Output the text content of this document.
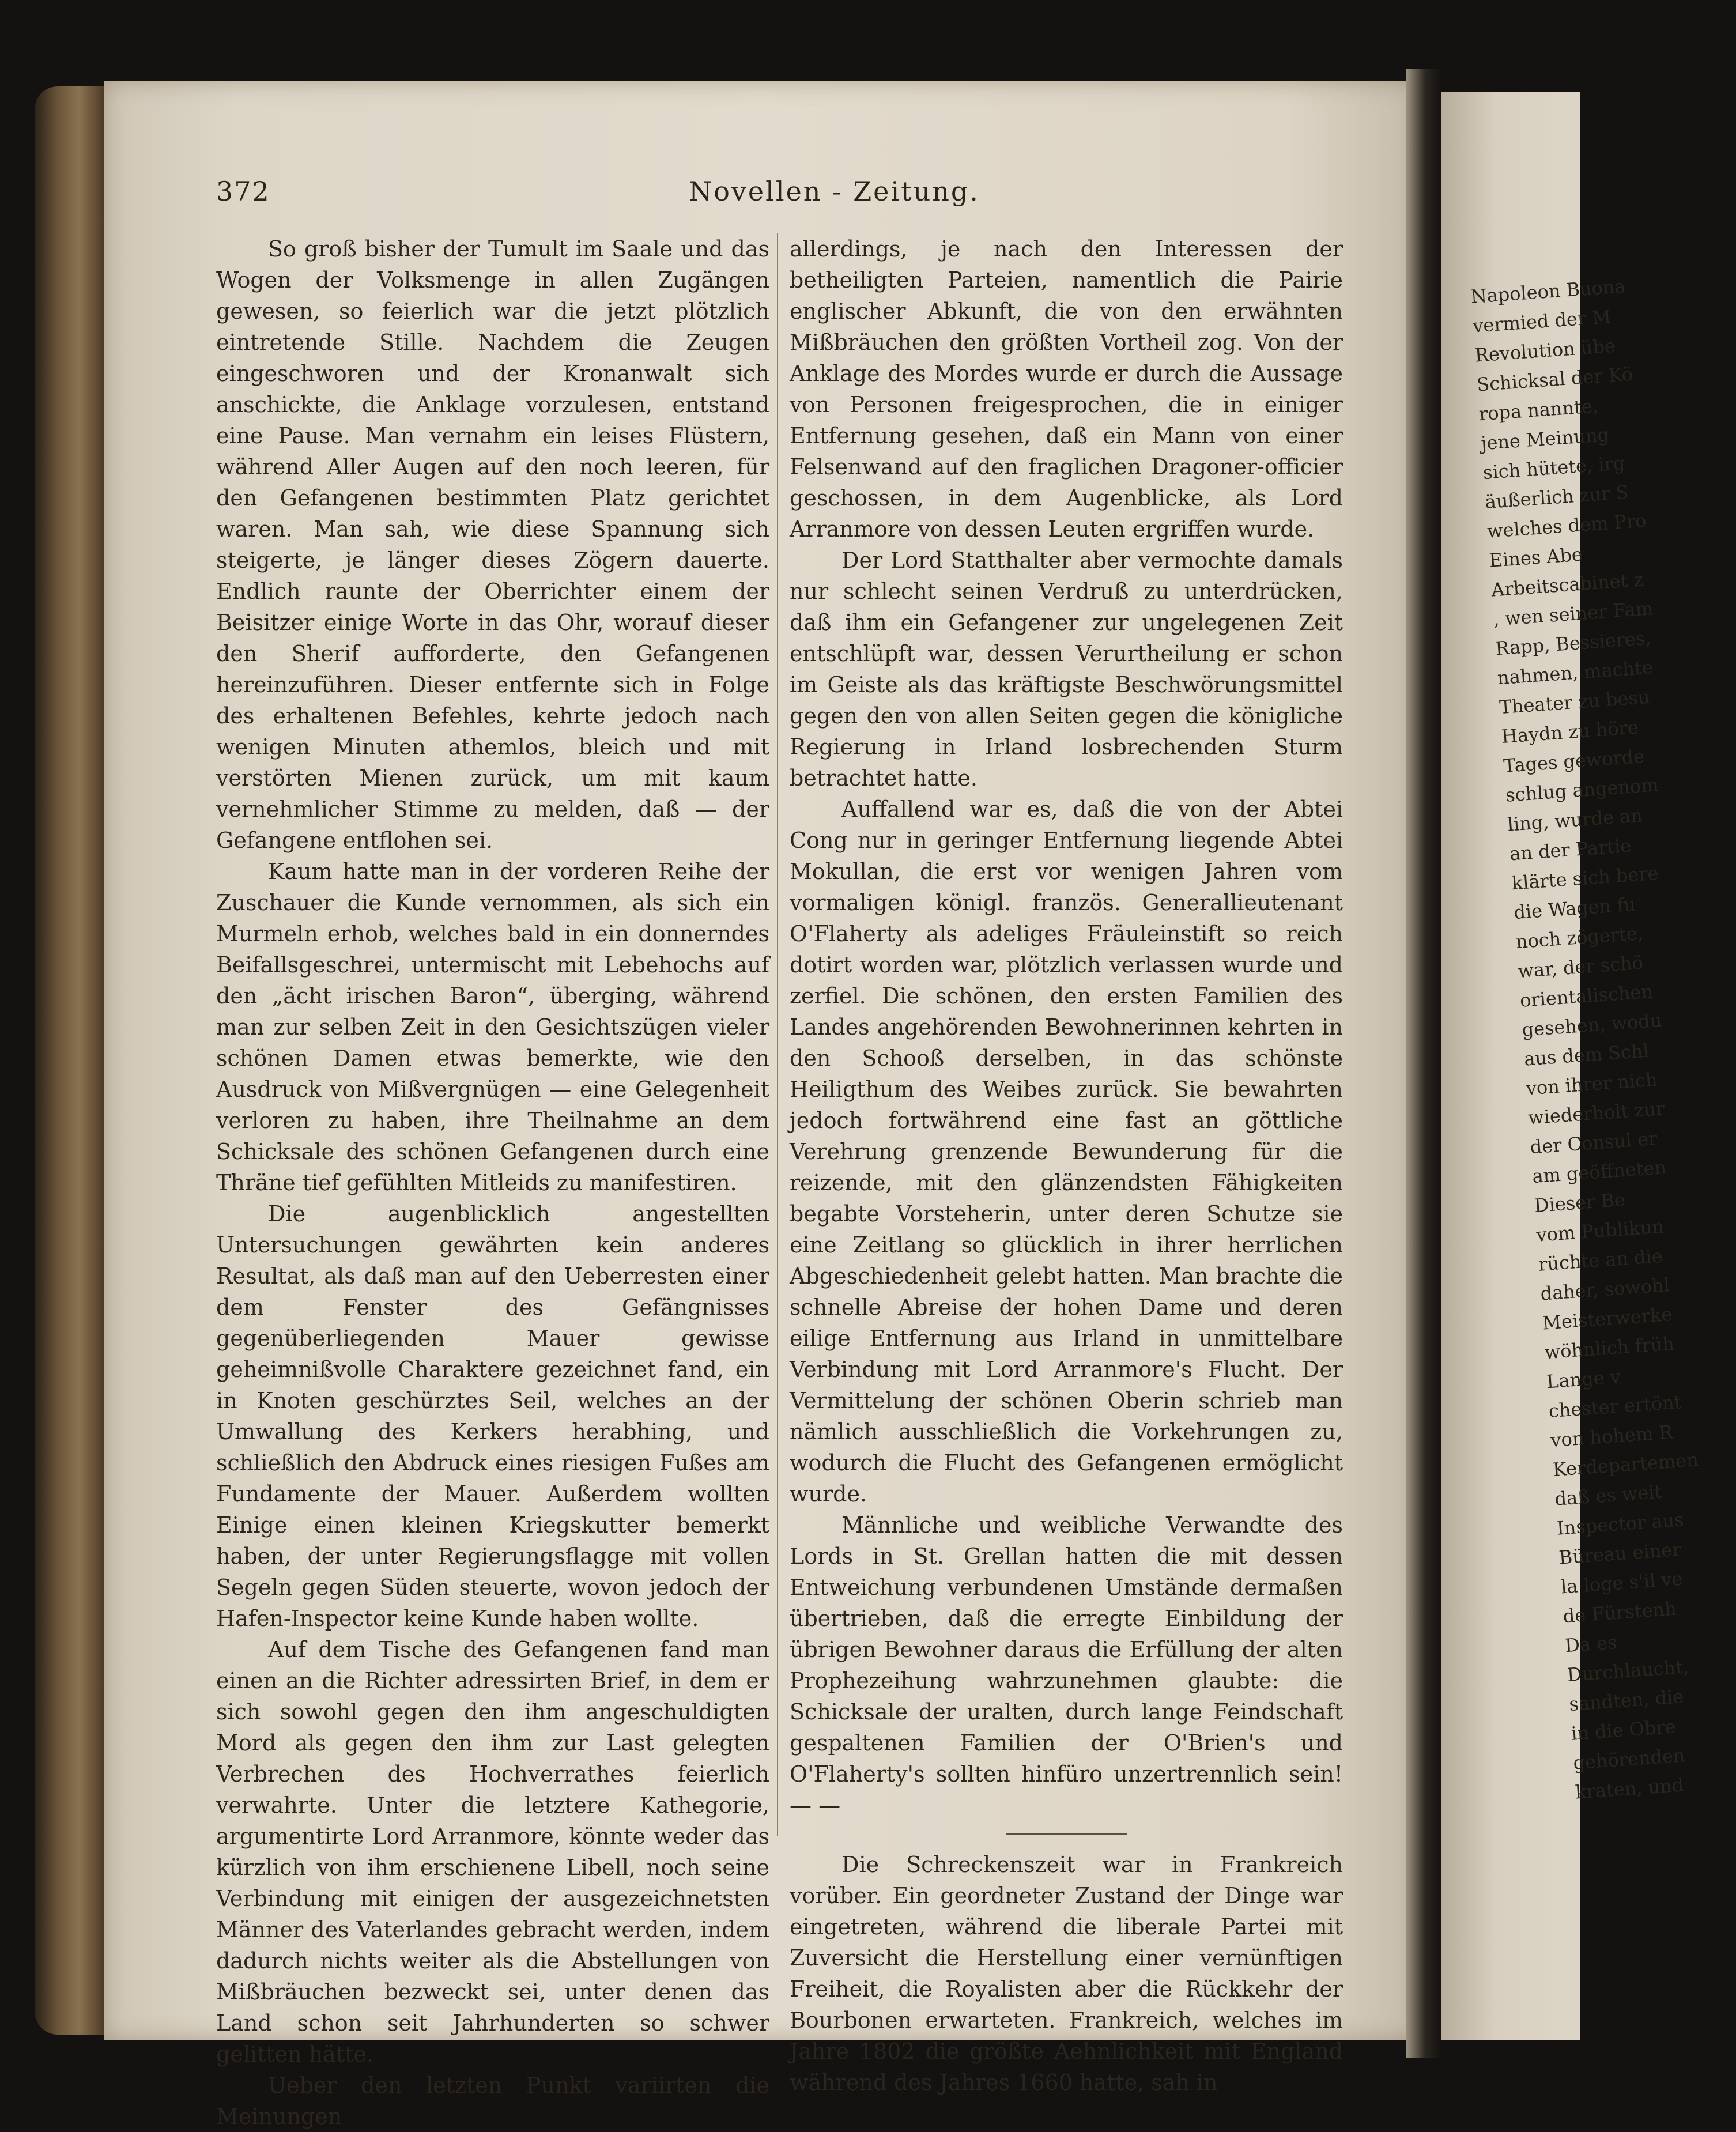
Napoleon Buona
vermied der M
Revolution übe
Schicksal der Kö
ropa nannte,
jene Meinung
sich hütete, irg
äußerlich zur S
welches dem Pro
Eines Abe
Arbeitscabinet z
, wen seiner Fam
Rapp, Bessieres,
nahmen, machte
Theater zu besu
Haydn zu höre
Tages geworde
schlug angenom
ling, wurde an
an der Partie
klärte sich bere
die Wagen fu
noch zögerte,
war, der schö
orientalischen
gesehen, wodu
aus dem Schl
von ihrer nich
wiederholt zur
der Consul er
am geöffneten
Dieser Be
vom Publikun
rüchte an die
daher, sowohl
Meisterwerke
wöhnlich früh
Lange v
chester ertönt
von hohem R
Kerdepartemen
daß es weit
Inspector aus
Büreau einer
la loge s'il ve
de Fürstenh
Da es
Durchlaucht,
sandten, die
in die Obre
gehörenden
kraten, und
372	Novellen - Zeitung.

So groß bisher der Tumult im Saale und das Wogen der Volksmenge in allen Zugängen gewesen, so feierlich war die jetzt plötzlich eintretende Stille. Nachdem die Zeugen eingeschworen und der Kronanwalt sich anschickte, die Anklage vorzulesen, entstand eine Pause. Man vernahm ein leises Flüstern, während Aller Augen auf den noch leeren, für den Gefangenen bestimmten Platz gerichtet waren. Man sah, wie diese Spannung sich steigerte, je länger dieses Zögern dauerte. Endlich raunte der Oberrichter einem der Beisitzer einige Worte in das Ohr, worauf dieser den Sherif aufforderte, den Gefangenen hereinzuführen. Dieser entfernte sich in Folge des erhaltenen Befehles, kehrte jedoch nach wenigen Minuten athemlos, bleich und mit verstörten Mienen zurück, um mit kaum vernehmlicher Stimme zu melden, daß — der Gefangene entflohen sei.

Kaum hatte man in der vorderen Reihe der Zuschauer die Kunde vernommen, als sich ein Murmeln erhob, welches bald in ein donnerndes Beifallsgeschrei, untermischt mit Lebehochs auf den „ächt irischen Baron“, überging, während man zur selben Zeit in den Gesichtszügen vieler schönen Damen etwas bemerkte, wie den Ausdruck von Mißvergnügen — eine Gelegenheit verloren zu haben, ihre Theilnahme an dem Schicksale des schönen Gefangenen durch eine Thräne tief gefühlten Mitleids zu manifestiren.

Die augenblicklich angestellten Untersuchungen gewährten kein anderes Resultat, als daß man auf den Ueberresten einer dem Fenster des Gefängnisses gegenüberliegenden Mauer gewisse geheimnißvolle Charaktere gezeichnet fand, ein in Knoten geschürztes Seil, welches an der Umwallung des Kerkers herabhing, und schließlich den Abdruck eines riesigen Fußes am Fundamente der Mauer. Außerdem wollten Einige einen kleinen Kriegskutter bemerkt haben, der unter Regierungsflagge mit vollen Segeln gegen Süden steuerte, wovon jedoch der Hafen-Inspector keine Kunde haben wollte.

Auf dem Tische des Gefangenen fand man einen an die Richter adressirten Brief, in dem er sich sowohl gegen den ihm angeschuldigten Mord als gegen den ihm zur Last gelegten Verbrechen des Hochverrathes feierlich verwahrte. Unter die letztere Kathegorie, argumentirte Lord Arranmore, könnte weder das kürzlich von ihm erschienene Libell, noch seine Verbindung mit einigen der ausgezeichnetsten Männer des Vaterlandes gebracht werden, indem dadurch nichts weiter als die Abstellungen von Mißbräuchen bezweckt sei, unter denen das Land schon seit Jahrhunderten so schwer gelitten hätte.

Ueber den letzten Punkt variirten die Meinungen

allerdings, je nach den Interessen der betheiligten Parteien, namentlich die Pairie englischer Abkunft, die von den erwähnten Mißbräuchen den größten Vortheil zog. Von der Anklage des Mordes wurde er durch die Aussage von Personen freigesprochen, die in einiger Entfernung gesehen, daß ein Mann von einer Felsenwand auf den fraglichen Dragoner-officier geschossen, in dem Augenblicke, als Lord Arranmore von dessen Leuten ergriffen wurde.

Der Lord Statthalter aber vermochte damals nur schlecht seinen Verdruß zu unterdrücken, daß ihm ein Gefangener zur ungelegenen Zeit entschlüpft war, dessen Verurtheilung er schon im Geiste als das kräftigste Beschwörungsmittel gegen den von allen Seiten gegen die königliche Regierung in Irland losbrechenden Sturm betrachtet hatte.

Auffallend war es, daß die von der Abtei Cong nur in geringer Entfernung liegende Abtei Mokullan, die erst vor wenigen Jahren vom vormaligen königl. französ. Generallieutenant O'Flaherty als adeliges Fräuleinstift so reich dotirt worden war, plötzlich verlassen wurde und zerfiel. Die schönen, den ersten Familien des Landes angehörenden Bewohnerinnen kehrten in den Schooß derselben, in das schönste Heiligthum des Weibes zurück. Sie bewahrten jedoch fortwährend eine fast an göttliche Verehrung grenzende Bewunderung für die reizende, mit den glänzendsten Fähigkeiten begabte Vorsteherin, unter deren Schutze sie eine Zeitlang so glücklich in ihrer herrlichen Abgeschiedenheit gelebt hatten. Man brachte die schnelle Abreise der hohen Dame und deren eilige Entfernung aus Irland in unmittelbare Verbindung mit Lord Arranmore's Flucht. Der Vermittelung der schönen Oberin schrieb man nämlich ausschließlich die Vorkehrungen zu, wodurch die Flucht des Gefangenen ermöglicht wurde.

Männliche und weibliche Verwandte des Lords in St. Grellan hatten die mit dessen Entweichung verbundenen Umstände dermaßen übertrieben, daß die erregte Einbildung der übrigen Bewohner daraus die Erfüllung der alten Prophezeihung wahrzunehmen glaubte: die Schicksale der uralten, durch lange Feindschaft gespaltenen Familien der O'Brien's und O'Flaherty's sollten hinfüro unzertrennlich sein! — —

Die Schreckenszeit war in Frankreich vorüber. Ein geordneter Zustand der Dinge war eingetreten, während die liberale Partei mit Zuversicht die Herstellung einer vernünftigen Freiheit, die Royalisten aber die Rückkehr der Bourbonen erwarteten. Frankreich, welches im Jahre 1802 die größte Aehnlichkeit mit England während des Jahres 1660 hatte, sah in
